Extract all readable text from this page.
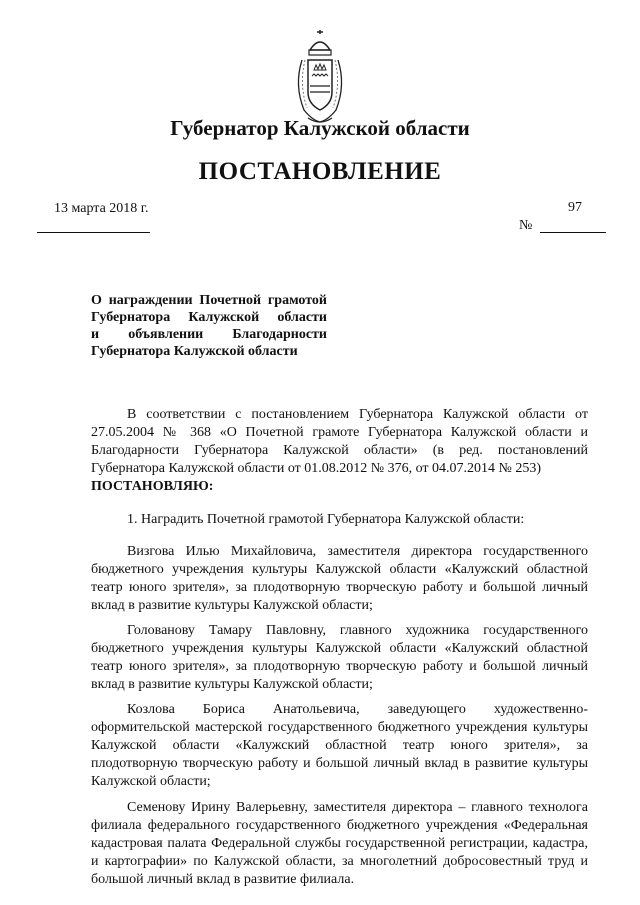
Губернатор Калужской области
ПОСТАНОВЛЕНИЕ
13 марта 2018 г.	97
№
О награждении Почетной грамотой
Губернатора Калужской области
и объявлении Благодарности
Губернатора Калужской области
В соответствии с постановлением Губернатора Калужской области от 27.05.2004 № 368 «О Почетной грамоте Губернатора Калужской области и Благодарности Губернатора Калужской области» (в ред. постановлений Губернатора Калужской области от 01.08.2012 № 376, от 04.07.2014 № 253)
ПОСТАНОВЛЯЮ:
1. Наградить Почетной грамотой Губернатора Калужской области:
Визгова Илью Михайловича, заместителя директора государственного бюджетного учреждения культуры Калужской области «Калужский областной театр юного зрителя», за плодотворную творческую работу и большой личный вклад в развитие культуры Калужской области;
Голованову Тамару Павловну, главного художника государственного бюджетного учреждения культуры Калужской области «Калужский областной театр юного зрителя», за плодотворную творческую работу и большой личный вклад в развитие культуры Калужской области;
Козлова Бориса Анатольевича, заведующего художественно-оформительской мастерской государственного бюджетного учреждения культуры Калужской области «Калужский областной театр юного зрителя», за плодотворную творческую работу и большой личный вклад в развитие культуры Калужской области;
Семенову Ирину Валерьевну, заместителя директора – главного технолога филиала федерального государственного бюджетного учреждения «Федеральная кадастровая палата Федеральной службы государственной регистрации, кадастра, и картографии» по Калужской области, за многолетний добросовестный труд и большой личный вклад в развитие филиала.
